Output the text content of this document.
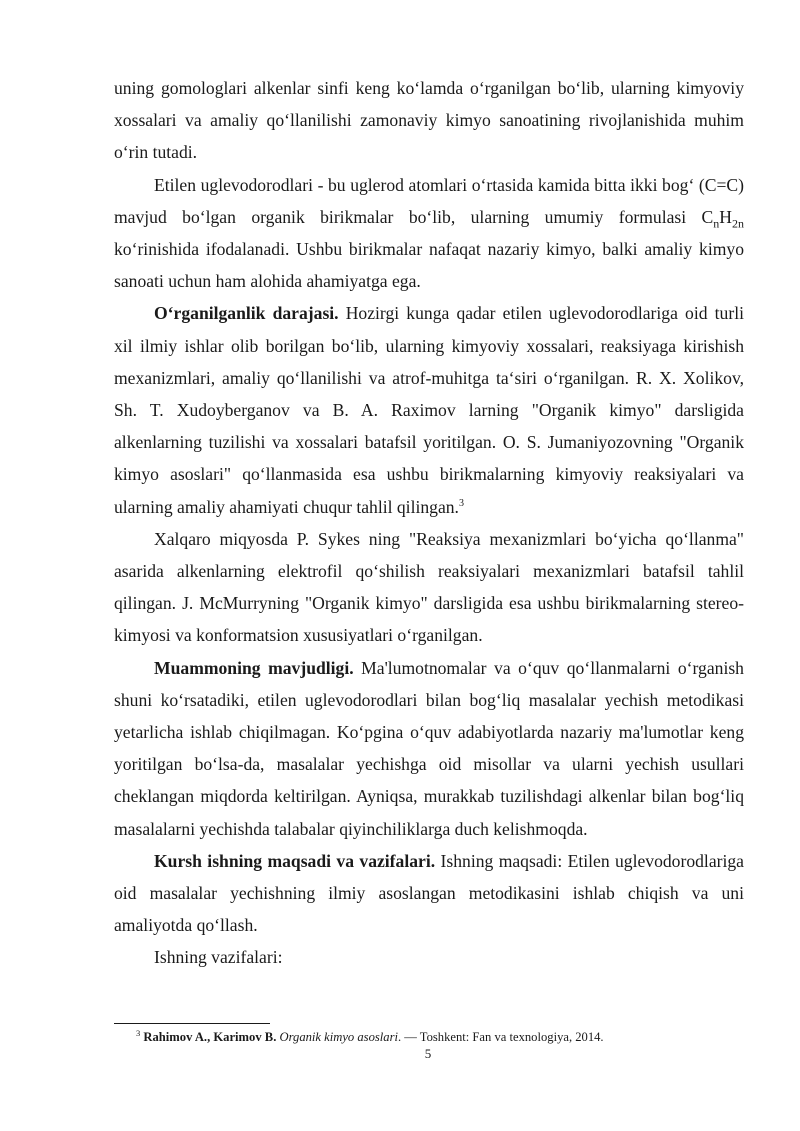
uning gomologlari alkenlar sinfi keng ko‘lamda o‘rganilgan bo‘lib, ularning kimyoviy xossalari va amaliy qo‘llanilishi zamonaviy kimyo sanoatining rivojlanishida muhim o‘rin tutadi.

Etilen uglevodorodlari - bu uglerod atomlari o‘rtasida kamida bitta ikki bog‘ (C=C) mavjud bo‘lgan organik birikmalar bo‘lib, ularning umumiy formulasi $C_nH_{2n}$ ko‘rinishida ifodalanadi. Ushbu birikmalar nafaqat nazariy kimyo, balki amaliy kimyo sanoati uchun ham alohida ahamiyatga ega.

O‘rganilganlik darajasi. Hozirgi kunga qadar etilen uglevodorodlariga oid turli xil ilmiy ishlar olib borilgan bo‘lib, ularning kimyoviy xossalari, reaksiyaga kirishish mexanizmlari, amaliy qo‘llanilishi va atrof-muhitga ta‘siri o‘rganilgan. R. X. Xolikov, Sh. T. Xudoyberganov va B. A. Raximov larning "Organik kimyo" darsligida alkenlarning tuzilishi va xossalari batafsil yoritilgan. O. S. Jumaniyozovning "Organik kimyo asoslari" qo‘llanmasida esa ushbu birikmalarning kimyoviy reaksiyalari va ularning amaliy ahamiyati chuqur tahlil qilingan.$^3$

Xalqaro miqyosda P. Sykes ning "Reaksiya mexanizmlari bo‘yicha qo‘llanma" asarida alkenlarning elektrofil qo‘shilish reaksiyalari mexanizmlari batafsil tahlil qilingan. J. McMurryning "Organik kimyo" darsligida esa ushbu birikmalarning stereo-kimyosi va konformatsion xususiyatlari o‘rganilgan.

Muammoning mavjudligi. Ma'lumotnomalar va o‘quv qo‘llanmalarni o‘rganish shuni ko‘rsatadiki, etilen uglevodorodlari bilan bog‘liq masalalar yechish metodikasi yetarlicha ishlab chiqilmagan. Ko‘pgina o‘quv adabiyotlarda nazariy ma'lumotlar keng yoritilgan bo‘lsa-da, masalalar yechishga oid misollar va ularni yechish usullari cheklangan miqdorda keltirilgan. Ayniqsa, murakkab tuzilishdagi alkenlar bilan bog‘liq masalalarni yechishda talabalar qiyinchiliklarga duch kelishmoqda.

Kursh ishning maqsadi va vazifalari. Ishning maqsadi: Etilen uglevodorodlariga oid masalalar yechishning ilmiy asoslangan metodikasini ishlab chiqish va uni amaliyotda qo‘llash.

Ishning vazifalari:

$^3$ Rahimov A., Karimov B. Organik kimyo asoslari. — Toshkent: Fan va texnologiya, 2014.
5
